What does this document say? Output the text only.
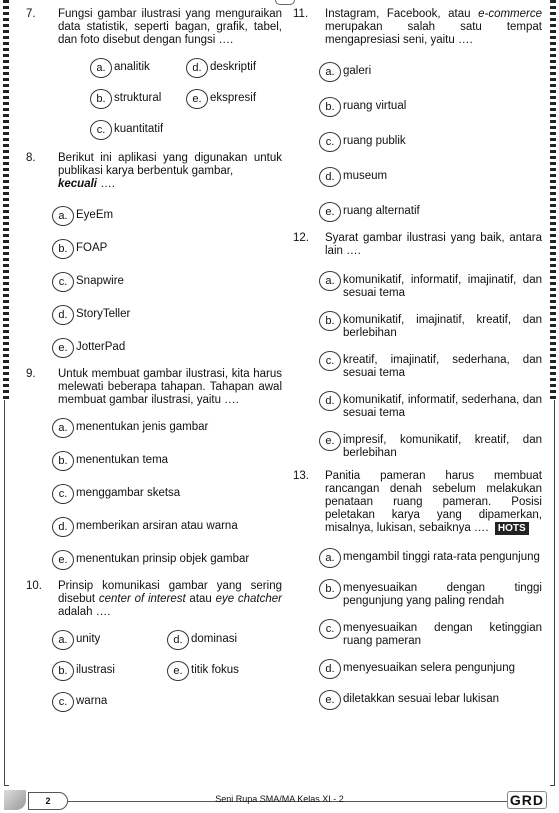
7. Fungsi gambar ilustrasi yang menguraikan data statistik, seperti bagan, grafik, tabel, dan foto disebut dengan fungsi ….
a. analitik	d. deskriptif
b. struktural	e. ekspresif
c. kuantitatif
8. Berikut ini aplikasi yang digunakan untuk publikasi karya berbentuk gambar,
kecuali ….
a. EyeEm
b. FOAP
c. Snapwire
d. StoryTeller
e. JotterPad
9. Untuk membuat gambar ilustrasi, kita harus melewati beberapa tahapan. Tahapan awal membuat gambar ilustrasi, yaitu ….
a. menentukan jenis gambar
b. menentukan tema
c. menggambar sketsa
d. memberikan arsiran atau warna
e. menentukan prinsip objek gambar
10. Prinsip komunikasi gambar yang sering disebut center of interest atau eye chatcher adalah ….
a. unity	d. dominasi
b. ilustrasi	e. titik fokus
c. warna
11. Instagram, Facebook, atau e-commerce merupakan salah satu tempat mengapresiasi seni, yaitu ….
a. galeri
b. ruang virtual
c. ruang publik
d. museum
e. ruang alternatif
12. Syarat gambar ilustrasi yang baik, antara lain ….
a. komunikatif, informatif, imajinatif, dan sesuai tema
b. komunikatif, imajinatif, kreatif, dan berlebihan
c. kreatif, imajinatif, sederhana, dan sesuai tema
d. komunikatif, informatif, sederhana, dan sesuai tema
e. impresif, komunikatif, kreatif, dan berlebihan
13. Panitia pameran harus membuat rancangan denah sebelum melakukan penataan ruang pameran. Posisi peletakan karya yang dipamerkan, misalnya, lukisan, sebaiknya …. HOTS
a. mengambil tinggi rata-rata pengunjung
b. menyesuaikan dengan tinggi pengunjung yang paling rendah
c. menyesuaikan dengan ketinggian ruang pameran
d. menyesuaikan selera pengunjung
e. diletakkan sesuai lebar lukisan
2	Seni Rupa SMA/MA Kelas XI - 2	GRD
